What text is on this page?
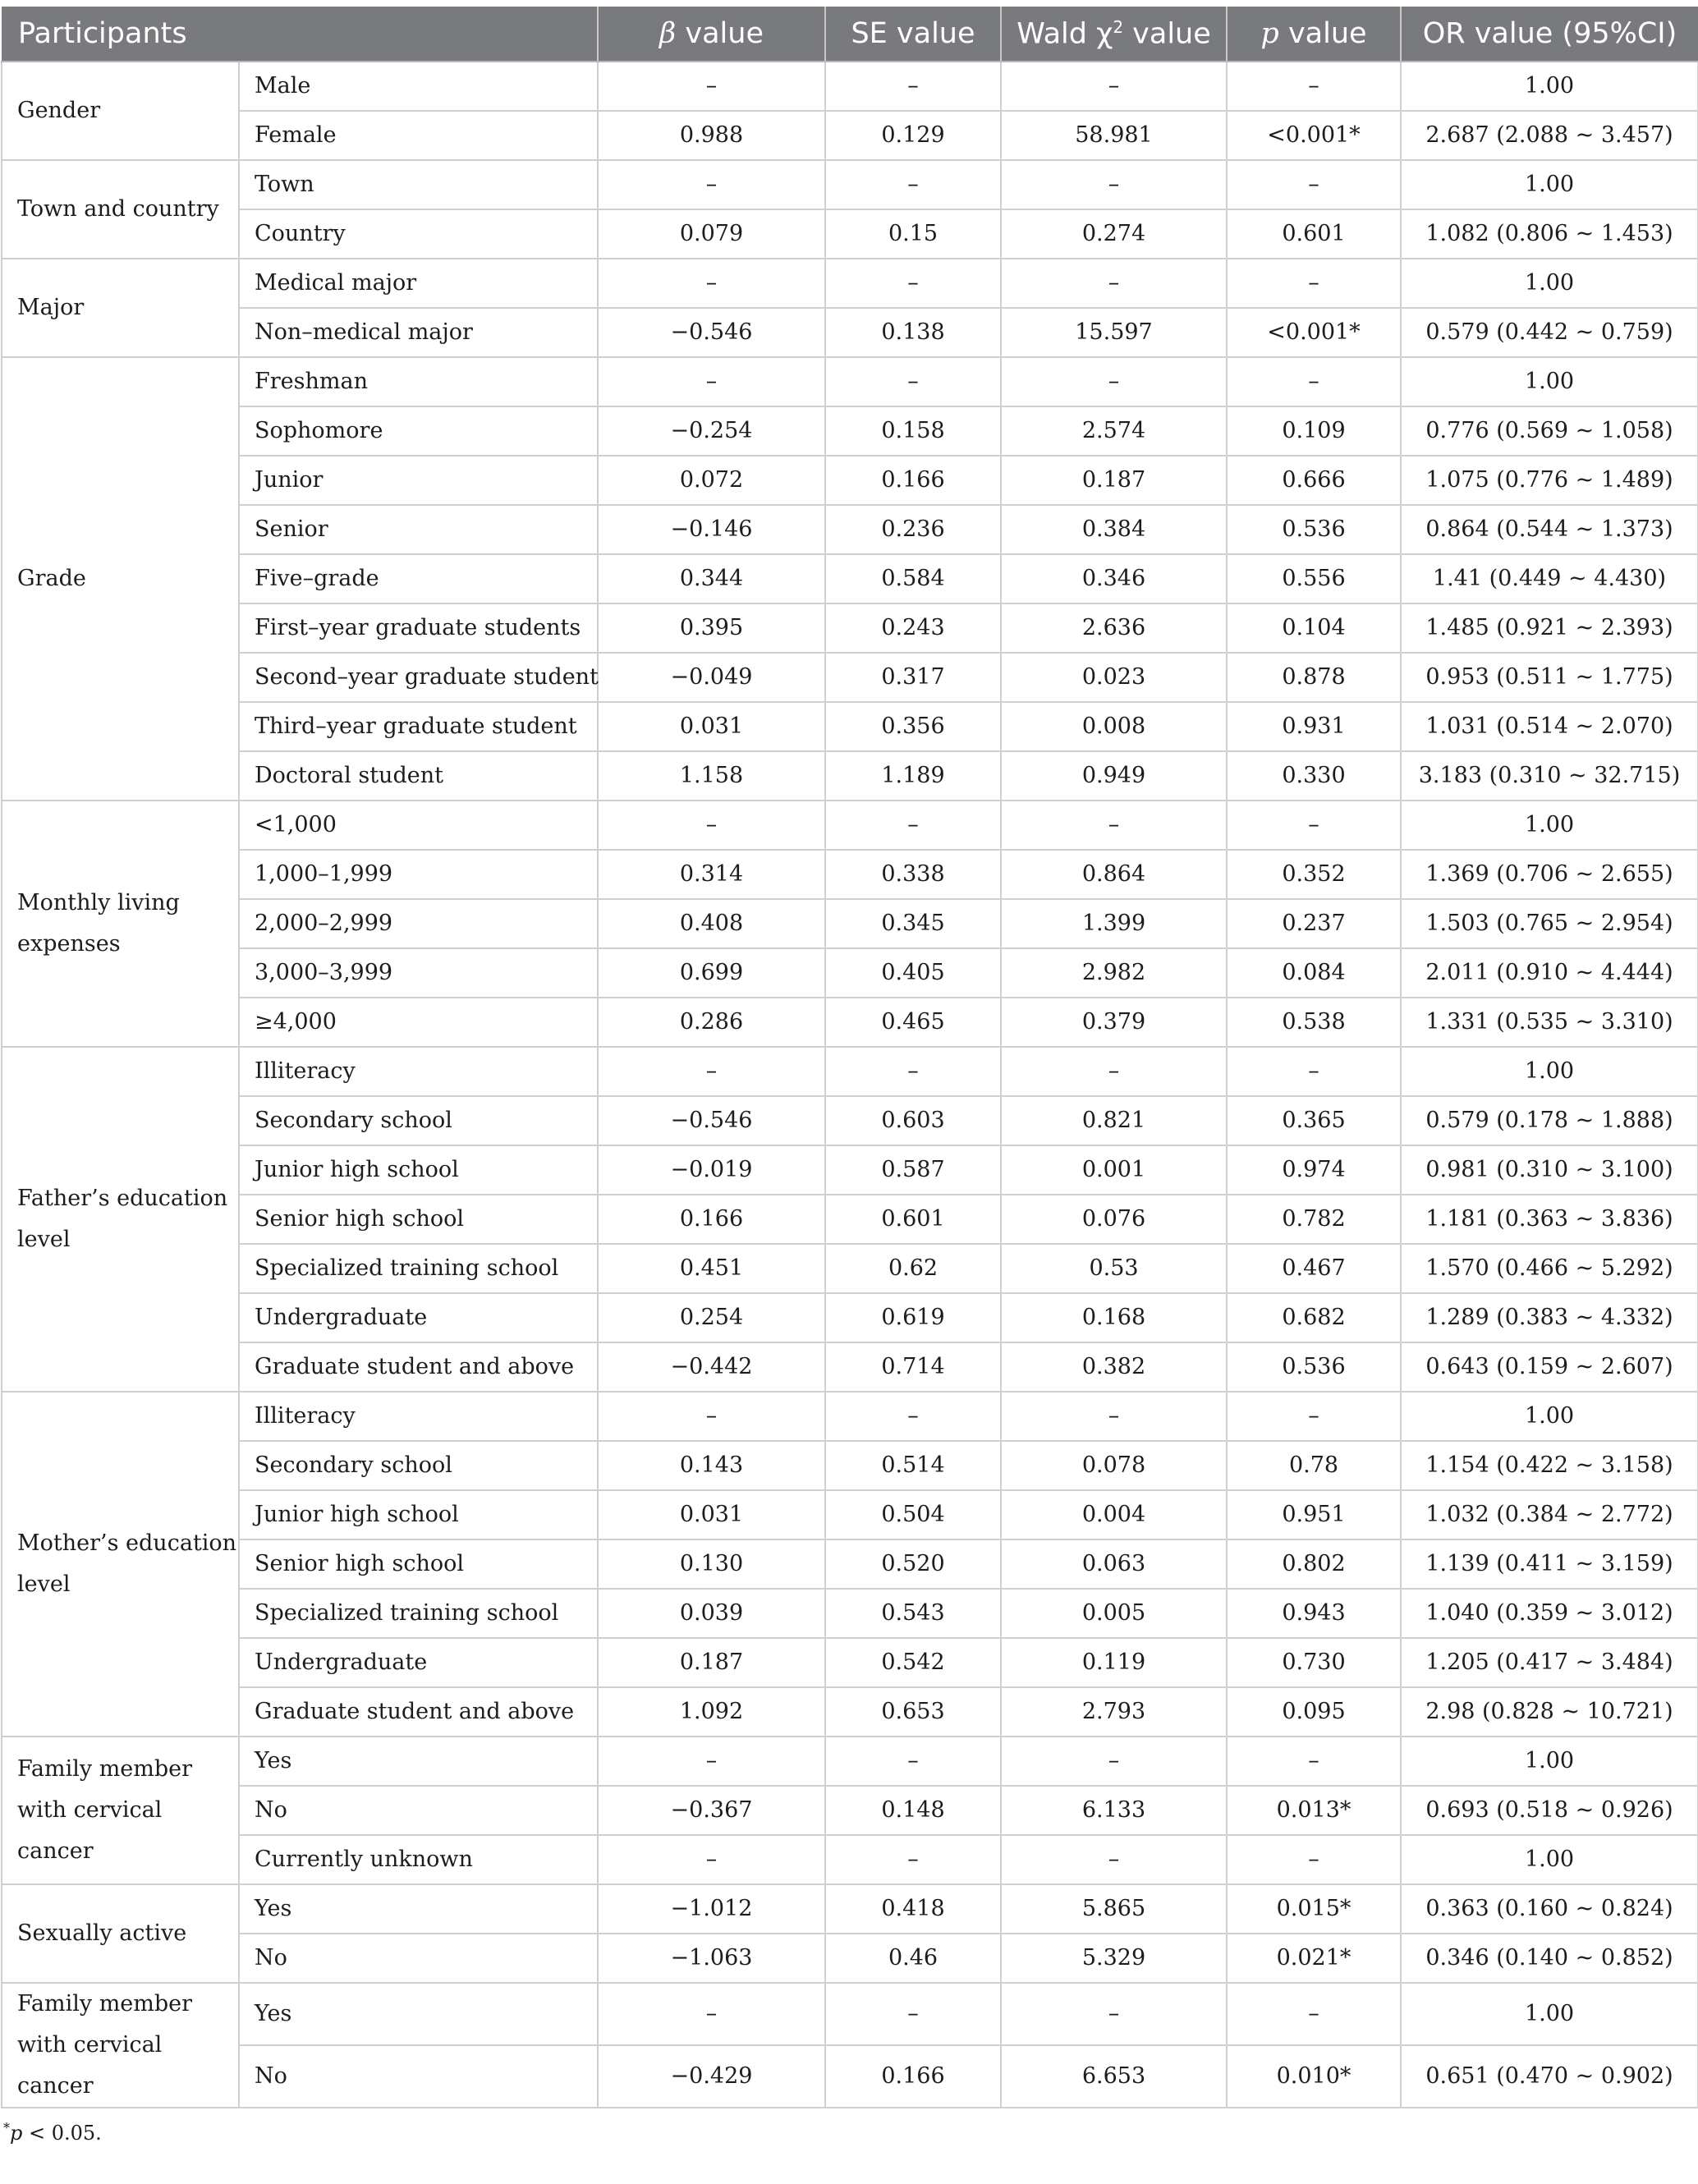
Participants		β value	SE value	Wald $\chi^2$ value	p value	OR value (95%CI)
Gender	Male	–	–	–	–	1.00
	Female	0.988	0.129	58.981	<0.001*	2.687 (2.088 ~ 3.457)
Town and country	Town	–	–	–	–	1.00
	Country	0.079	0.15	0.274	0.601	1.082 (0.806 ~ 1.453)
Major	Medical major	–	–	–	–	1.00
	Non–medical major	−0.546	0.138	15.597	<0.001*	0.579 (0.442 ~ 0.759)
Grade	Freshman	–	–	–	–	1.00
	Sophomore	−0.254	0.158	2.574	0.109	0.776 (0.569 ~ 1.058)
	Junior	0.072	0.166	0.187	0.666	1.075 (0.776 ~ 1.489)
	Senior	−0.146	0.236	0.384	0.536	0.864 (0.544 ~ 1.373)
	Five–grade	0.344	0.584	0.346	0.556	1.41 (0.449 ~ 4.430)
	First–year graduate students	0.395	0.243	2.636	0.104	1.485 (0.921 ~ 2.393)
	Second–year graduate student	−0.049	0.317	0.023	0.878	0.953 (0.511 ~ 1.775)
	Third–year graduate student	0.031	0.356	0.008	0.931	1.031 (0.514 ~ 2.070)
	Doctoral student	1.158	1.189	0.949	0.330	3.183 (0.310 ~ 32.715)
Monthly living expenses	<1,000	–	–	–	–	1.00
	1,000–1,999	0.314	0.338	0.864	0.352	1.369 (0.706 ~ 2.655)
	2,000–2,999	0.408	0.345	1.399	0.237	1.503 (0.765 ~ 2.954)
	3,000–3,999	0.699	0.405	2.982	0.084	2.011 (0.910 ~ 4.444)
	≥4,000	0.286	0.465	0.379	0.538	1.331 (0.535 ~ 3.310)
Father’s education level	Illiteracy	–	–	–	–	1.00
	Secondary school	−0.546	0.603	0.821	0.365	0.579 (0.178 ~ 1.888)
	Junior high school	−0.019	0.587	0.001	0.974	0.981 (0.310 ~ 3.100)
	Senior high school	0.166	0.601	0.076	0.782	1.181 (0.363 ~ 3.836)
	Specialized training school	0.451	0.62	0.53	0.467	1.570 (0.466 ~ 5.292)
	Undergraduate	0.254	0.619	0.168	0.682	1.289 (0.383 ~ 4.332)
	Graduate student and above	−0.442	0.714	0.382	0.536	0.643 (0.159 ~ 2.607)
Mother’s education level	Illiteracy	–	–	–	–	1.00
	Secondary school	0.143	0.514	0.078	0.78	1.154 (0.422 ~ 3.158)
	Junior high school	0.031	0.504	0.004	0.951	1.032 (0.384 ~ 2.772)
	Senior high school	0.130	0.520	0.063	0.802	1.139 (0.411 ~ 3.159)
	Specialized training school	0.039	0.543	0.005	0.943	1.040 (0.359 ~ 3.012)
	Undergraduate	0.187	0.542	0.119	0.730	1.205 (0.417 ~ 3.484)
	Graduate student and above	1.092	0.653	2.793	0.095	2.98 (0.828 ~ 10.721)
Family member with cervical cancer	Yes	–	–	–	–	1.00
	No	−0.367	0.148	6.133	0.013*	0.693 (0.518 ~ 0.926)
	Currently unknown	–	–	–	–	1.00
Sexually active	Yes	−1.012	0.418	5.865	0.015*	0.363 (0.160 ~ 0.824)
	No	−1.063	0.46	5.329	0.021*	0.346 (0.140 ~ 0.852)
Family member with cervical cancer	Yes	–	–	–	–	1.00
	No	−0.429	0.166	6.653	0.010*	0.651 (0.470 ~ 0.902)
*p < 0.05.
